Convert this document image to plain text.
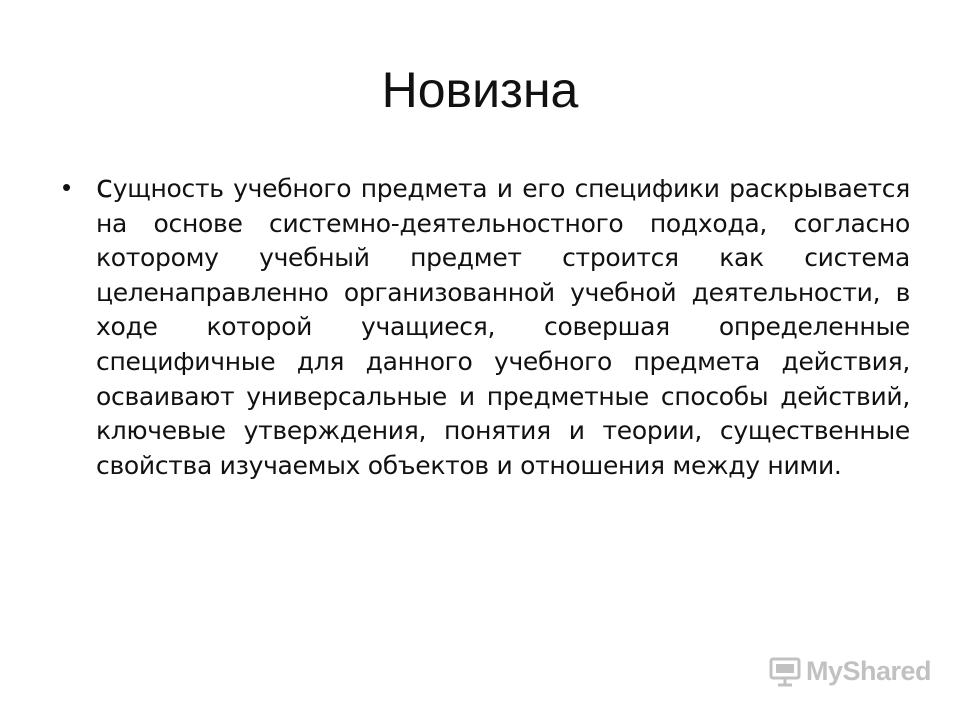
Новизна
• сущность учебного предмета и его специфики раскрывается на основе системно-деятельностного подхода, согласно которому учебный предмет строится как система целенаправленно организованной учебной деятельности, в ходе которой учащиеся, совершая определенные специфичные для данного учебного предмета действия, осваивают универсальные и предметные способы действий, ключевые утверждения, понятия и теории, существенные свойства изучаемых объектов и отношения между ними.
MyShared
